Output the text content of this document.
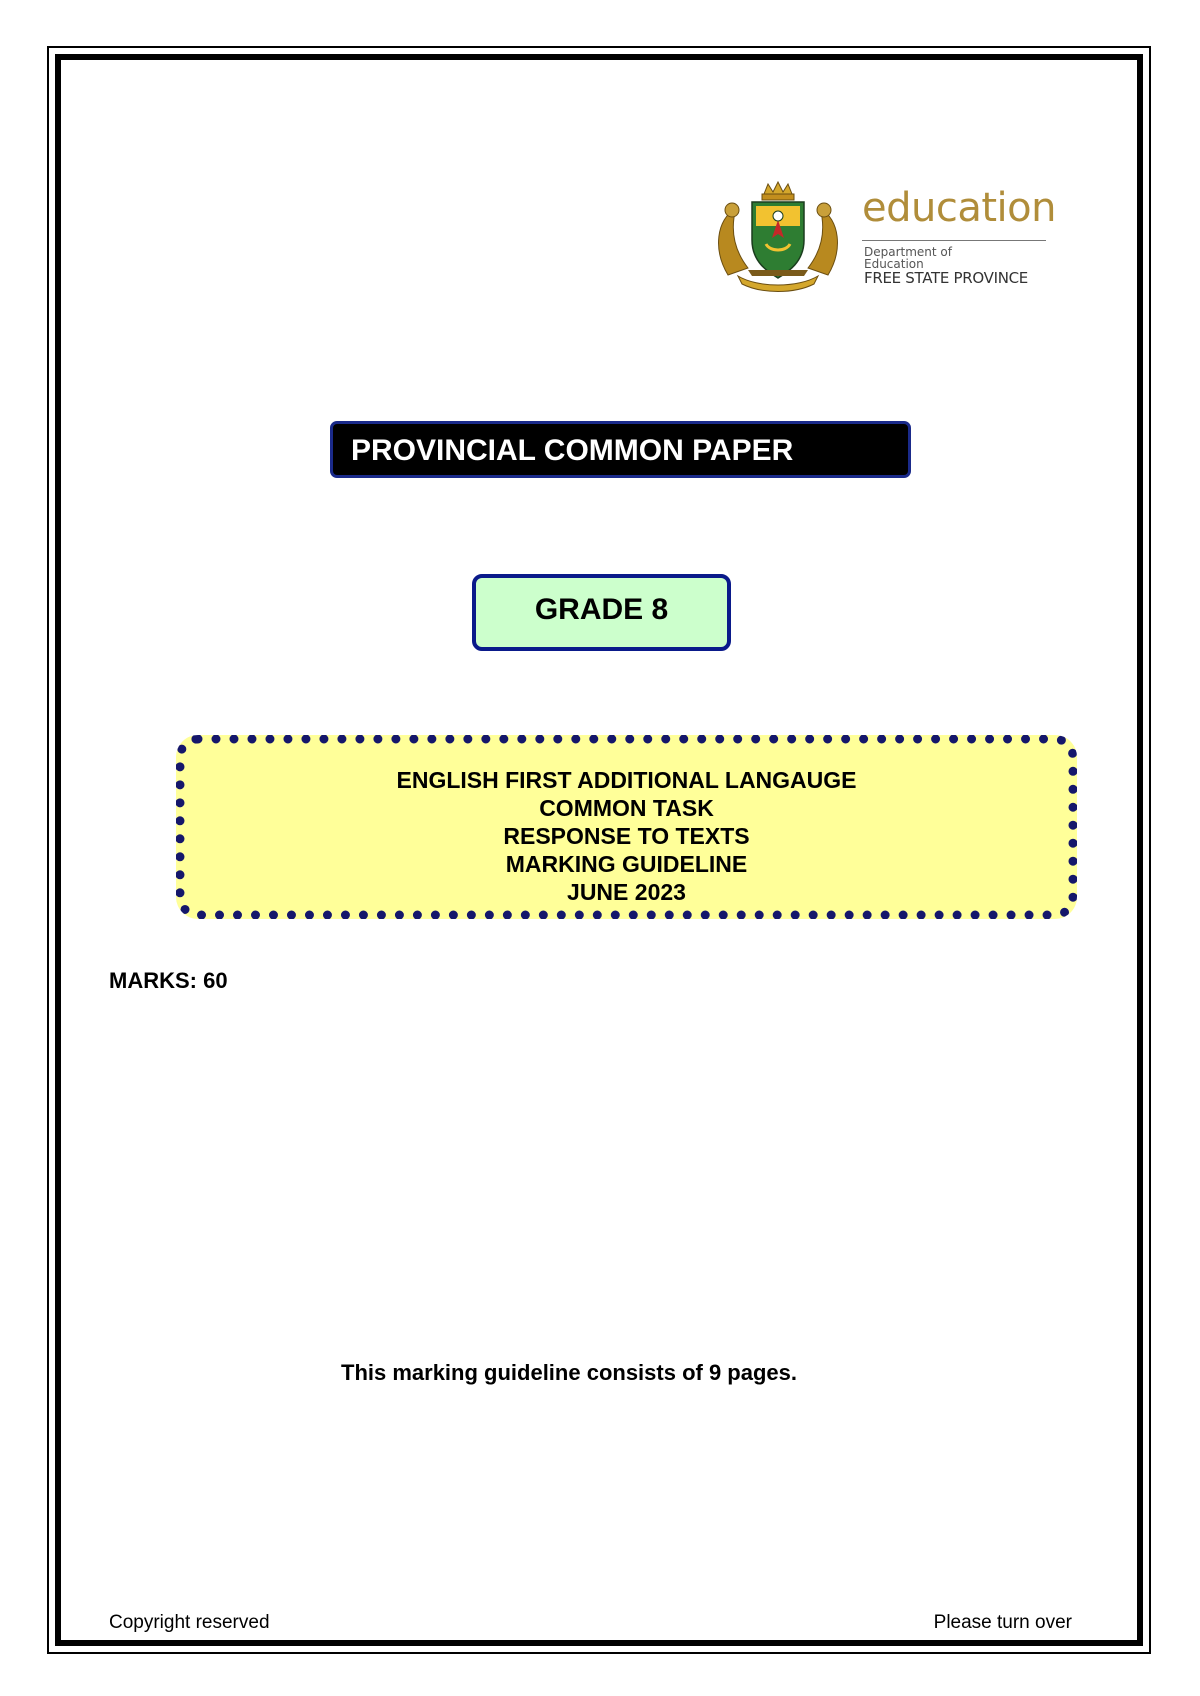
education
Department of
Education
FREE STATE PROVINCE
PROVINCIAL COMMON PAPER
GRADE 8
ENGLISH FIRST ADDITIONAL LANGAUGE
COMMON TASK
RESPONSE TO TEXTS
MARKING GUIDELINE
JUNE 2023
MARKS: 60
This marking guideline consists of 9 pages.
Copyright reserved	Please turn over
